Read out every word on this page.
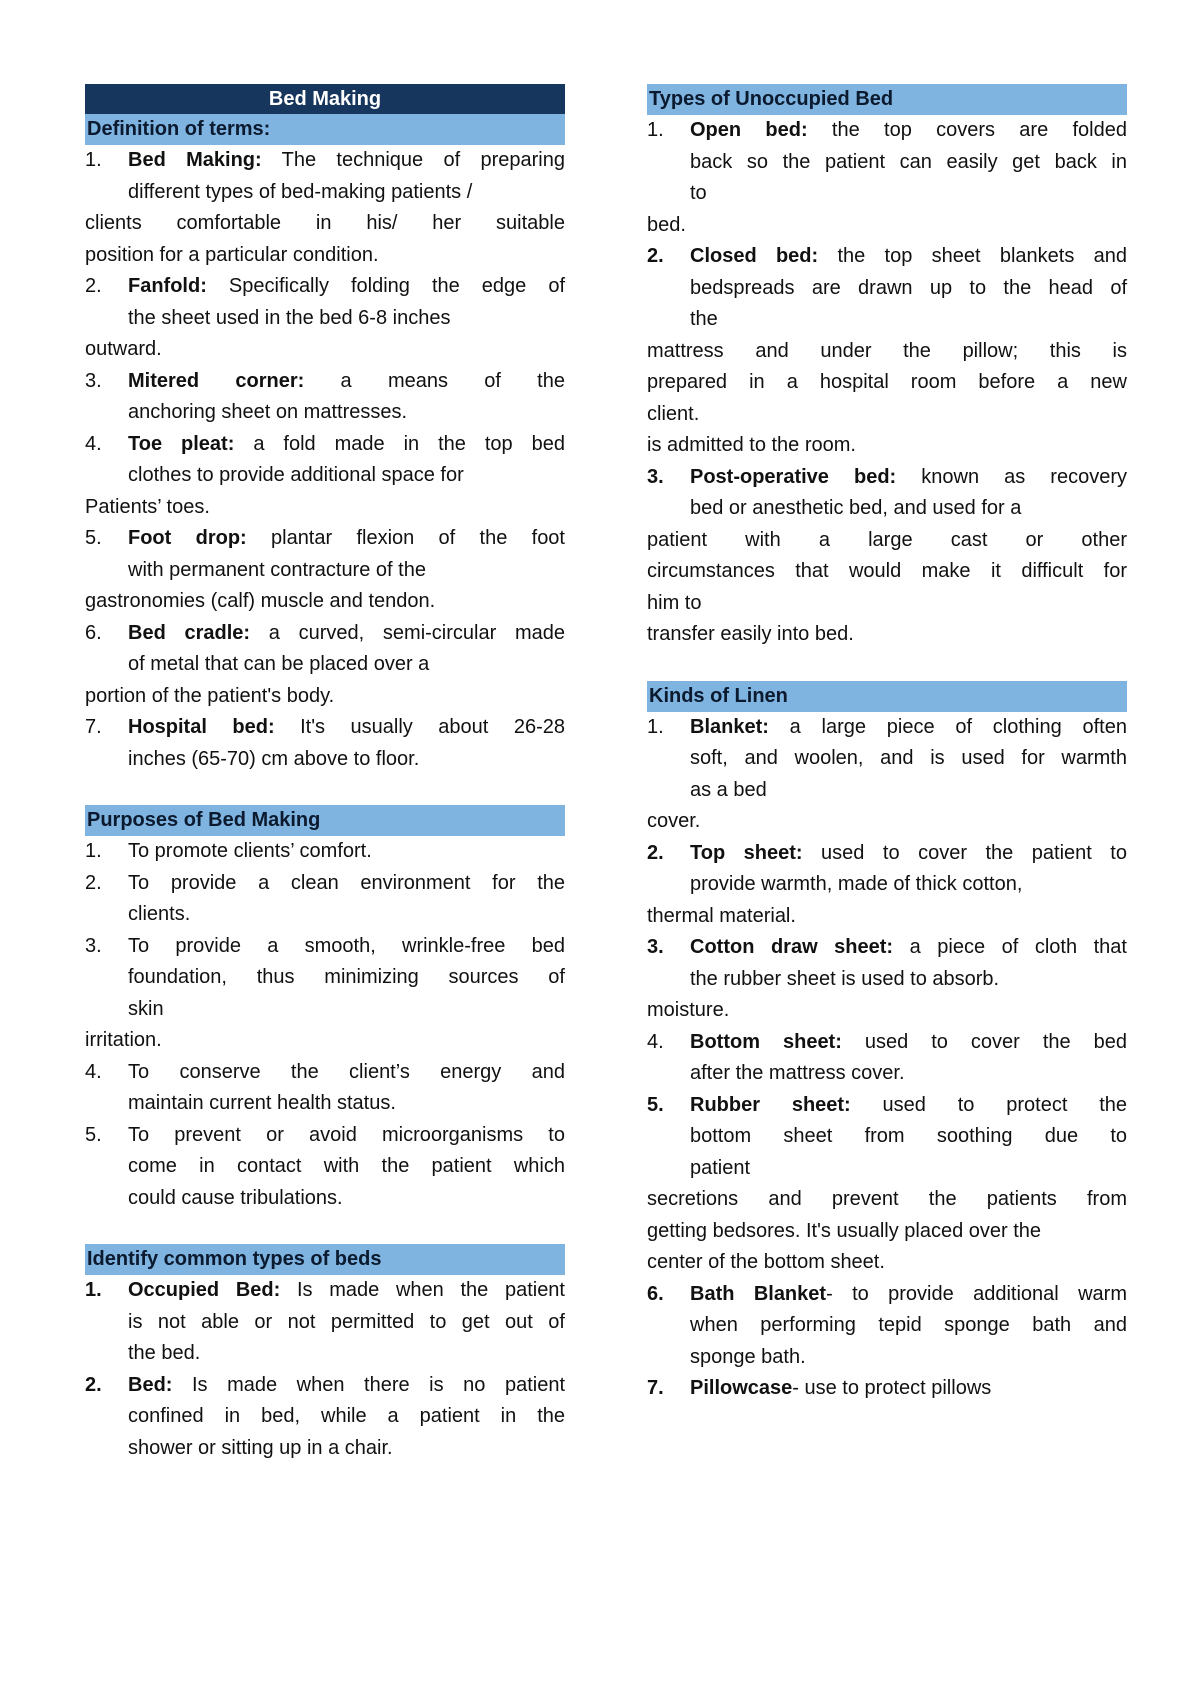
Bed Making
Definition of terms:
1.	Bed Making: The technique of preparing
different types of bed-making patients /
clients comfortable in his/ her suitable
position for a particular condition.
2.	Fanfold: Specifically folding the edge of
the sheet used in the bed 6-8 inches
outward.
3.	Mitered corner: a means of the
anchoring sheet on mattresses.
4.	Toe pleat: a fold made in the top bed
clothes to provide additional space for
Patients’ toes.
5.	Foot drop: plantar flexion of the foot
with permanent contracture of the
gastronomies (calf) muscle and tendon.
6.	Bed cradle: a curved, semi-circular made
of metal that can be placed over a
portion of the patient's body.
7.	Hospital bed: It's usually about 26-28
inches (65-70) cm above to floor.
Purposes of Bed Making
1.	To promote clients’ comfort.
2.	To provide a clean environment for the
clients.
3.	To provide a smooth, wrinkle-free bed
foundation, thus minimizing sources of
skin
irritation.
4.	To conserve the client’s energy and
maintain current health status.
5.	To prevent or avoid microorganisms to
come in contact with the patient which
could cause tribulations.
Identify common types of beds
1.	Occupied Bed: Is made when the patient
is not able or not permitted to get out of
the bed.
2.	Bed: Is made when there is no patient
confined in bed, while a patient in the
shower or sitting up in a chair.
Types of Unoccupied Bed
1.	Open bed: the top covers are folded
back so the patient can easily get back in
to
bed.
2.	Closed bed: the top sheet blankets and
bedspreads are drawn up to the head of
the
mattress and under the pillow; this is
prepared in a hospital room before a new
client.
is admitted to the room.
3.	Post-operative bed: known as recovery
bed or anesthetic bed, and used for a
patient with a large cast or other
circumstances that would make it difficult for
him to
transfer easily into bed.
Kinds of Linen
1.	Blanket: a large piece of clothing often
soft, and woolen, and is used for warmth
as a bed
cover.
2.	Top sheet: used to cover the patient to
provide warmth, made of thick cotton,
thermal material.
3.	Cotton draw sheet: a piece of cloth that
the rubber sheet is used to absorb.
moisture.
4.	Bottom sheet: used to cover the bed
after the mattress cover.
5.	Rubber sheet: used to protect the
bottom sheet from soothing due to
patient
secretions and prevent the patients from
getting bedsores. It's usually placed over the
center of the bottom sheet.
6.	Bath Blanket- to provide additional warm
when performing tepid sponge bath and
sponge bath.
7.	Pillowcase- use to protect pillows
